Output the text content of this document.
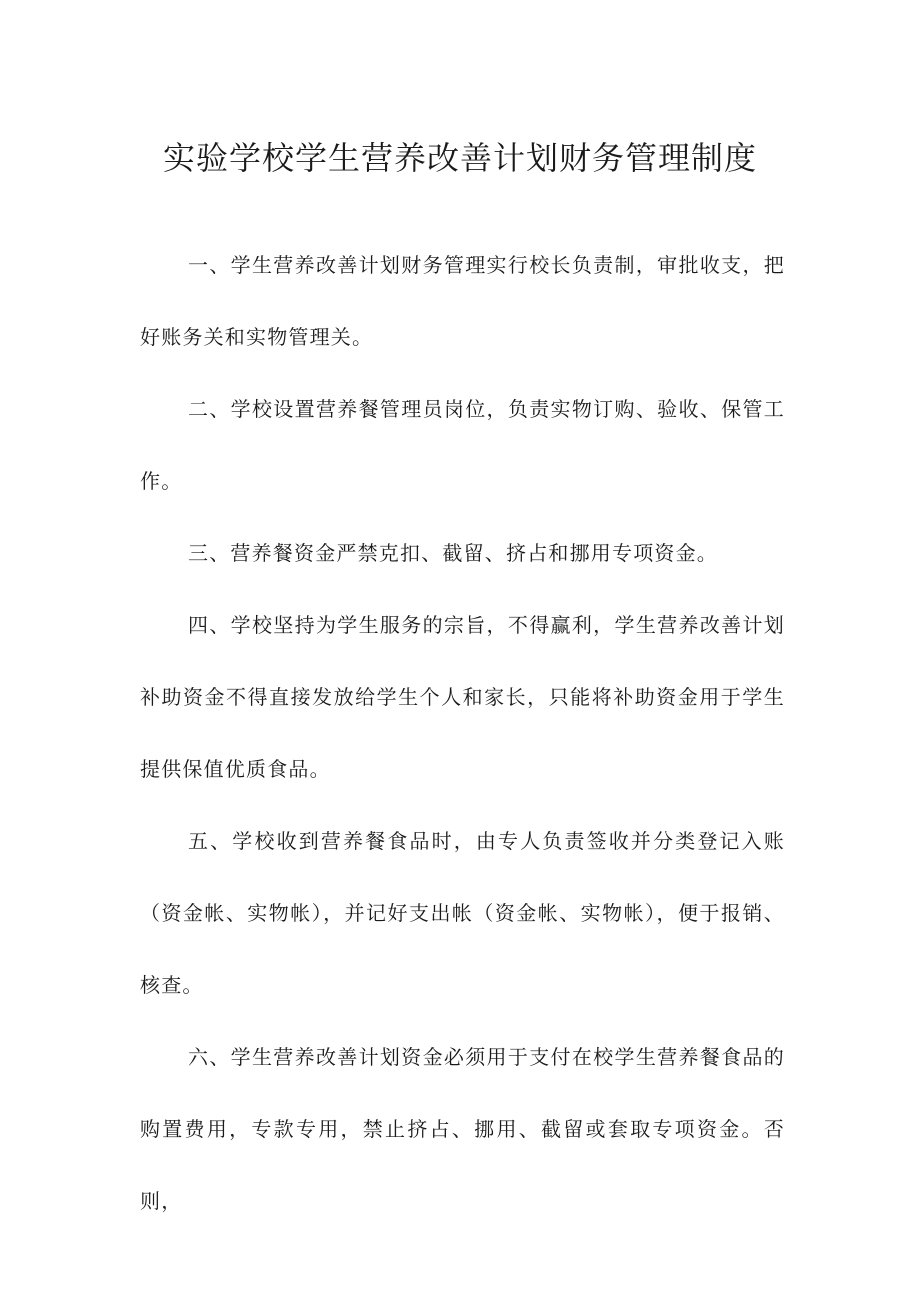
实验学校学生营养改善计划财务管理制度

一、学生营养改善计划财务管理实行校长负责制，审批收支，把好账务关和实物管理关。

二、学校设置营养餐管理员岗位，负责实物订购、验收、保管工作。

三、营养餐资金严禁克扣、截留、挤占和挪用专项资金。

四、学校坚持为学生服务的宗旨，不得赢利，学生营养改善计划补助资金不得直接发放给学生个人和家长，只能将补助资金用于学生提供保值优质食品。

五、学校收到营养餐食品时，由专人负责签收并分类登记入账（资金帐、实物帐），并记好支出帐（资金帐、实物帐），便于报销、核查。

六、学生营养改善计划资金必须用于支付在校学生营养餐食品的购置费用，专款专用，禁止挤占、挪用、截留或套取专项资金。否则，
